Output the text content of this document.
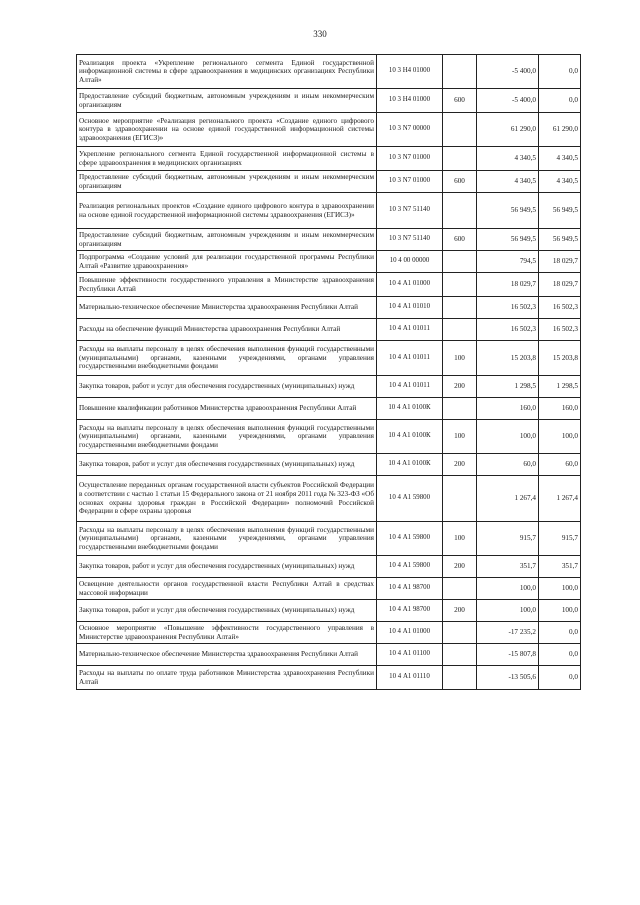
330
Реализация проекта «Укрепление регионального сегмента Единой государственной информационной системы в сфере здравоохранения в медицинских организациях Республики Алтай»	10 3 Н4 01000		-5 400,0	0,0
Предоставление субсидий бюджетным, автономным учреждениям и иным некоммерческим организациям	10 3 Н4 01000	600	-5 400,0	0,0
Основное мероприятие «Реализация регионального проекта «Создание единого цифрового контура в здравоохранении на основе единой государственной информационной системы здравоохранения (ЕГИСЗ)»	10 3 N7 00000		61 290,0	61 290,0
Укрепление регионального сегмента Единой государственной информационной системы в сфере здравоохранения в медицинских организациях	10 3 N7 01000		4 340,5	4 340,5
Предоставление субсидий бюджетным, автономным учреждениям и иным некоммерческим организациям	10 3 N7 01000	600	4 340,5	4 340,5
Реализация региональных проектов «Создание единого цифрового контура в здравоохранении на основе единой государственной информационной системы здравоохранения (ЕГИСЗ)»	10 3 N7 51140		56 949,5	56 949,5
Предоставление субсидий бюджетным, автономным учреждениям и иным некоммерческим организациям	10 3 N7 51140	600	56 949,5	56 949,5
Подпрограмма «Создание условий для реализации государственной программы Республики Алтай «Развитие здравоохранения»	10 4 00 00000		794,5	18 029,7
Повышение эффективности государственного управления в Министерстве здравоохранения Республики Алтай	10 4 А1 01000		18 029,7	18 029,7
Материально-техническое обеспечение Министерства здравоохранения Республики Алтай	10 4 А1 01010		16 502,3	16 502,3
Расходы на обеспечение функций Министерства здравоохранения Республики Алтай	10 4 А1 01011		16 502,3	16 502,3
Расходы на выплаты персоналу в целях обеспечения выполнения функций государственными (муниципальными) органами, казенными учреждениями, органами управления государственными внебюджетными фондами	10 4 А1 01011	100	15 203,8	15 203,8
Закупка товаров, работ и услуг для обеспечения государственных (муниципальных) нужд	10 4 А1 01011	200	1 298,5	1 298,5
Повышение квалификации работников Министерства здравоохранения Республики Алтай	10 4 А1 0100К		160,0	160,0
Расходы на выплаты персоналу в целях обеспечения выполнения функций государственными (муниципальными) органами, казенными учреждениями, органами управления государственными внебюджетными фондами	10 4 А1 0100К	100	100,0	100,0
Закупка товаров, работ и услуг для обеспечения государственных (муниципальных) нужд	10 4 А1 0100К	200	60,0	60,0
Осуществление переданных органам государственной власти субъектов Российской Федерации в соответствии с частью 1 статьи 15 Федерального закона от 21 ноября 2011 года № 323-ФЗ «Об основах охраны здоровья граждан в Российской Федерации» полномочий Российской Федерации в сфере охраны здоровья	10 4 А1 59800		1 267,4	1 267,4
Расходы на выплаты персоналу в целях обеспечения выполнения функций государственными (муниципальными) органами, казенными учреждениями, органами управления государственными внебюджетными фондами	10 4 А1 59800	100	915,7	915,7
Закупка товаров, работ и услуг для обеспечения государственных (муниципальных) нужд	10 4 А1 59800	200	351,7	351,7
Освещение деятельности органов государственной власти Республики Алтай в средствах массовой информации	10 4 А1 98700		100,0	100,0
Закупка товаров, работ и услуг для обеспечения государственных (муниципальных) нужд	10 4 А1 98700	200	100,0	100,0
Основное мероприятие «Повышение эффективности государственного управления в Министерстве здравоохранения Республики Алтай»	10 4 А1 01000		-17 235,2	0,0
Материально-техническое обеспечение Министерства здравоохранения Республики Алтай	10 4 А1 01100		-15 807,8	0,0
Расходы на выплаты по оплате труда работников Министерства здравоохранения Республики Алтай	10 4 А1 01110		-13 505,6	0,0
